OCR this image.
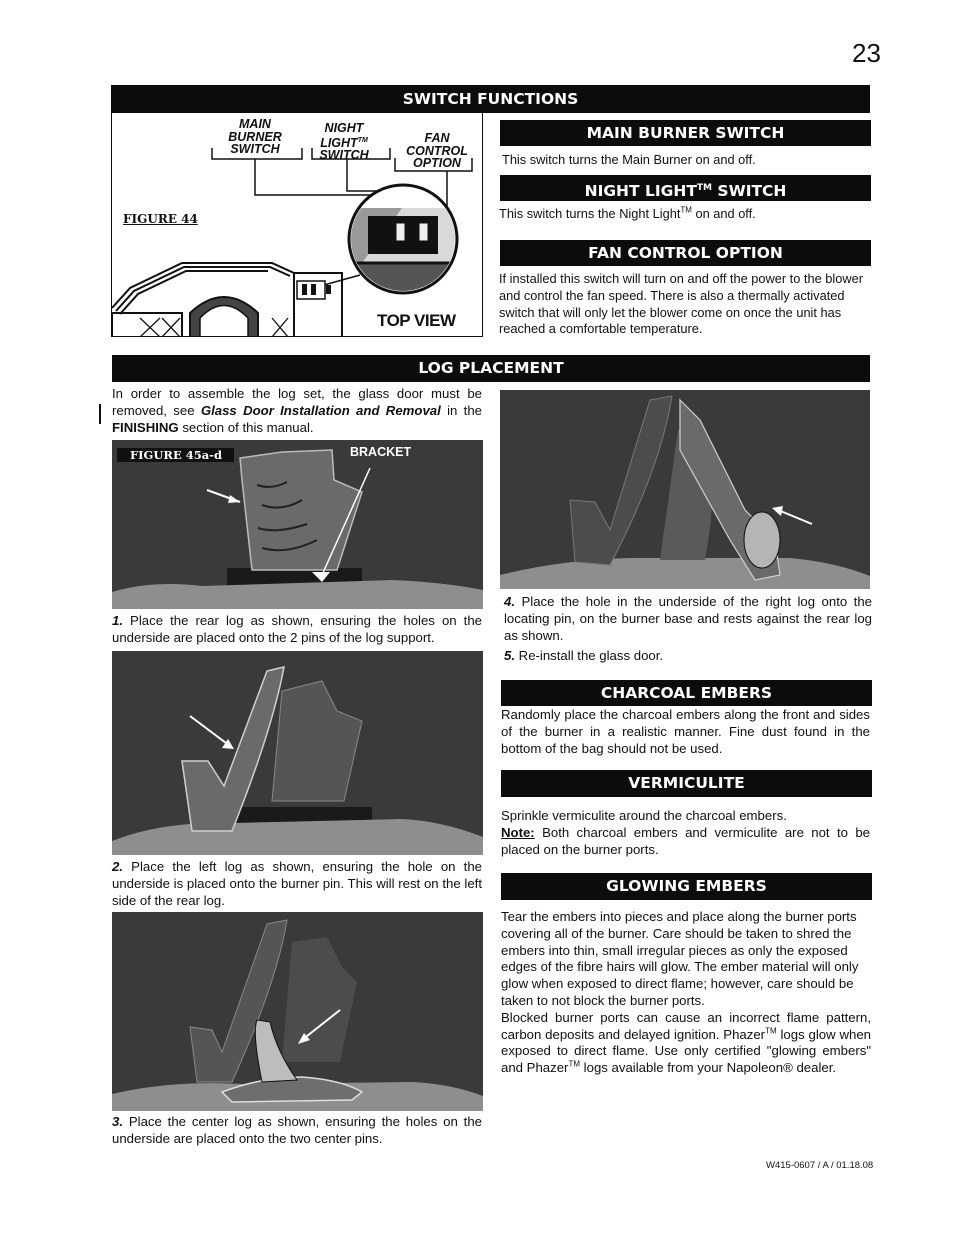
23
SWITCH FUNCTIONS
MAIN
BURNER
SWITCH
NIGHT
LIGHT™
SWITCH
FAN
CONTROL
OPTION
FIGURE 44
TOP VIEW
MAIN BURNER SWITCH
This switch turns the Main Burner on and off.
NIGHT LIGHT™ SWITCH
This switch turns the Night Light™ on and off.
FAN CONTROL OPTION
If installed this switch will turn on and off the power to the blower and control the fan speed. There is also a thermally activated switch that will only let the blower come on once the unit has reached a comfortable temperature.
LOG PLACEMENT
In order to assemble the log set, the glass door must be removed, see Glass Door Installation and Removal in the FINISHING section of this manual.
FIGURE 45a-d	BRACKET
1. Place the rear log as shown, ensuring the holes on the underside are placed onto the 2 pins of the log support.
2. Place the left log as shown, ensuring the hole on the underside is placed onto the burner pin. This will rest on the left side of the rear log.
3. Place the center log as shown, ensuring the holes on the underside are placed onto the two center pins.
4. Place the hole in the underside of the right log onto the locating pin, on the burner base and rests against the rear log as shown.
5. Re-install the glass door.
CHARCOAL EMBERS
Randomly place the charcoal embers along the front and sides of the burner in a realistic manner. Fine dust found in the bottom of the bag should not be used.
VERMICULITE
Sprinkle vermiculite around the charcoal embers.
Note: Both charcoal embers and vermiculite are not to be placed on the burner ports.
GLOWING EMBERS
Tear the embers into pieces and place along the burner ports covering all of the burner. Care should be taken to shred the embers into thin, small irregular pieces as only the exposed edges of the fibre hairs will glow. The ember material will only glow when exposed to direct flame; however, care should be taken to not block the burner ports.
Blocked burner ports can cause an incorrect flame pattern, carbon deposits and delayed ignition. Phazer™ logs glow when exposed to direct flame. Use only certified "glowing embers" and Phazer™ logs available from your Napoleon® dealer.
W415-0607 / A / 01.18.08
